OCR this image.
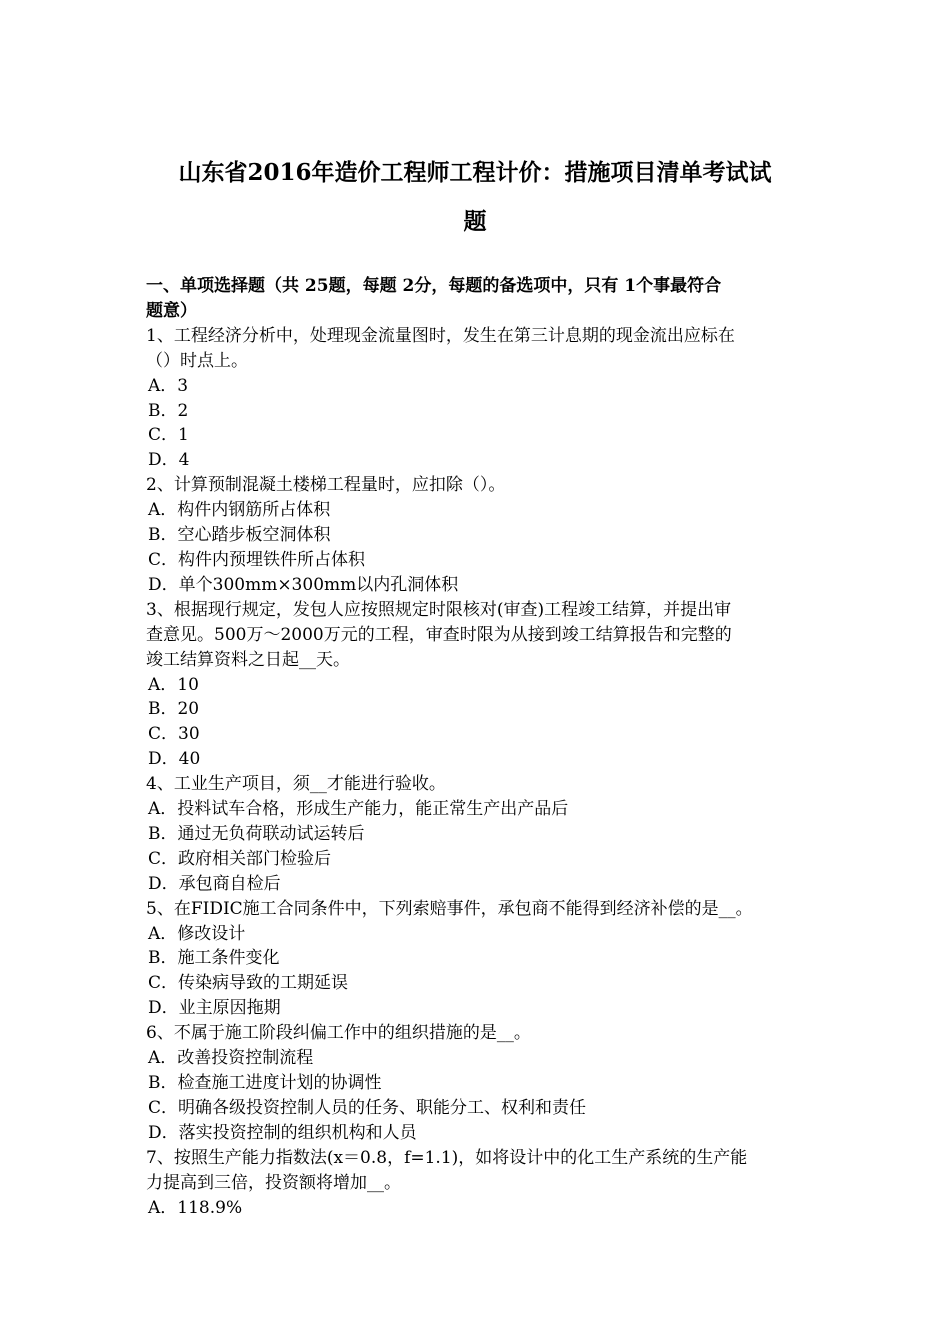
山东省2016年造价工程师工程计价：措施项目清单考试试
题

一、单项选择题（共 25题，每题 2分，每题的备选项中，只有 1个事最符合

题意）

1、工程经济分析中，处理现金流量图时，发生在第三计息期的现金流出应标在

（）时点上。

A．3

B．2

C．1

D．4

2、计算预制混凝土楼梯工程量时，应扣除（）。

A．构件内钢筋所占体积

B．空心踏步板空洞体积

C．构件内预埋铁件所占体积

D．单个300mm×300mm以内孔洞体积

3、根据现行规定，发包人应按照规定时限核对(审查)工程竣工结算，并提出审

查意见。500万～2000万元的工程，审查时限为从接到竣工结算报告和完整的

竣工结算资料之日起__天。

A．10

B．20

C．30

D．40

4、工业生产项目，须__才能进行验收。

A．投料试车合格，形成生产能力，能正常生产出产品后

B．通过无负荷联动试运转后

C．政府相关部门检验后

D．承包商自检后

5、在FIDIC施工合同条件中，下列索赔事件，承包商不能得到经济补偿的是__。

A．修改设计

B．施工条件变化

C．传染病导致的工期延误

D．业主原因拖期

6、不属于施工阶段纠偏工作中的组织措施的是__。

A．改善投资控制流程

B．检查施工进度计划的协调性

C．明确各级投资控制人员的任务、职能分工、权利和责任

D．落实投资控制的组织机构和人员

7、按照生产能力指数法(x＝0.8，f=1.1)，如将设计中的化工生产系统的生产能

力提高到三倍，投资额将增加__。

A．118.9%
